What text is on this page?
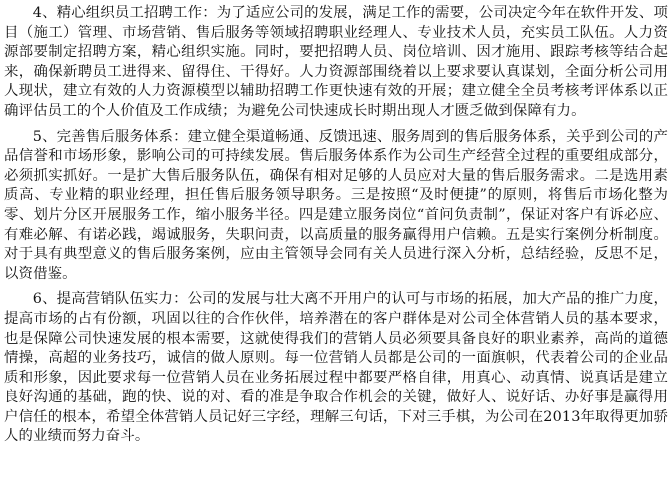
4、精心组织员工招聘工作：为了适应公司的发展，满足工作的需要，公司决定今年在软件开发、项目（施工）管理、市场营销、售后服务等领域招聘职业经理人、专业技术人员，充实员工队伍。人力资源部要制定招聘方案，精心组织实施。同时，要把招聘人员、岗位培训、因才施用、跟踪考核等结合起来，确保新聘员工进得来、留得住、干得好。人力资源部围绕着以上要求要认真谋划，全面分析公司用人现状，建立有效的人力资源模型以辅助招聘工作更快速有效的开展；建立健全全员考核考评体系以正确评估员工的个人价值及工作成绩；为避免公司快速成长时期出现人才匮乏做到保障有力。

5、完善售后服务体系：建立健全渠道畅通、反馈迅速、服务周到的售后服务体系，关乎到公司的产品信誉和市场形象，影响公司的可持续发展。售后服务体系作为公司生产经营全过程的重要组成部分，必须抓实抓好。一是扩大售后服务队伍，确保有相对足够的人员应对大量的售后服务需求。二是选用素质高、专业精的职业经理，担任售后服务领导职务。三是按照“及时便捷”的原则，将售后市场化整为零、划片分区开展服务工作，缩小服务半径。四是建立服务岗位“首问负责制”，保证对客户有诉必应、有难必解、有诺必践，竭诚服务，失职问责，以高质量的服务赢得用户信赖。五是实行案例分析制度。对于具有典型意义的售后服务案例，应由主管领导会同有关人员进行深入分析，总结经验，反思不足，以资借鉴。

6、提高营销队伍实力：公司的发展与壮大离不开用户的认可与市场的拓展，加大产品的推广力度，提高市场的占有份额，巩固以往的合作伙伴，培养潜在的客户群体是对公司全体营销人员的基本要求，也是保障公司快速发展的根本需要，这就使得我们的营销人员必须要具备良好的职业素养，高尚的道德情操，高超的业务技巧，诚信的做人原则。每一位营销人员都是公司的一面旗帜，代表着公司的企业品质和形象，因此要求每一位营销人员在业务拓展过程中都要严格自律，用真心、动真情、说真话是建立良好沟通的基础，跑的快、说的对、看的准是争取合作机会的关键，做好人、说好话、办好事是赢得用户信任的根本，希望全体营销人员记好三字经，理解三句话，下对三手棋，为公司在2013年取得更加骄人的业绩而努力奋斗。
